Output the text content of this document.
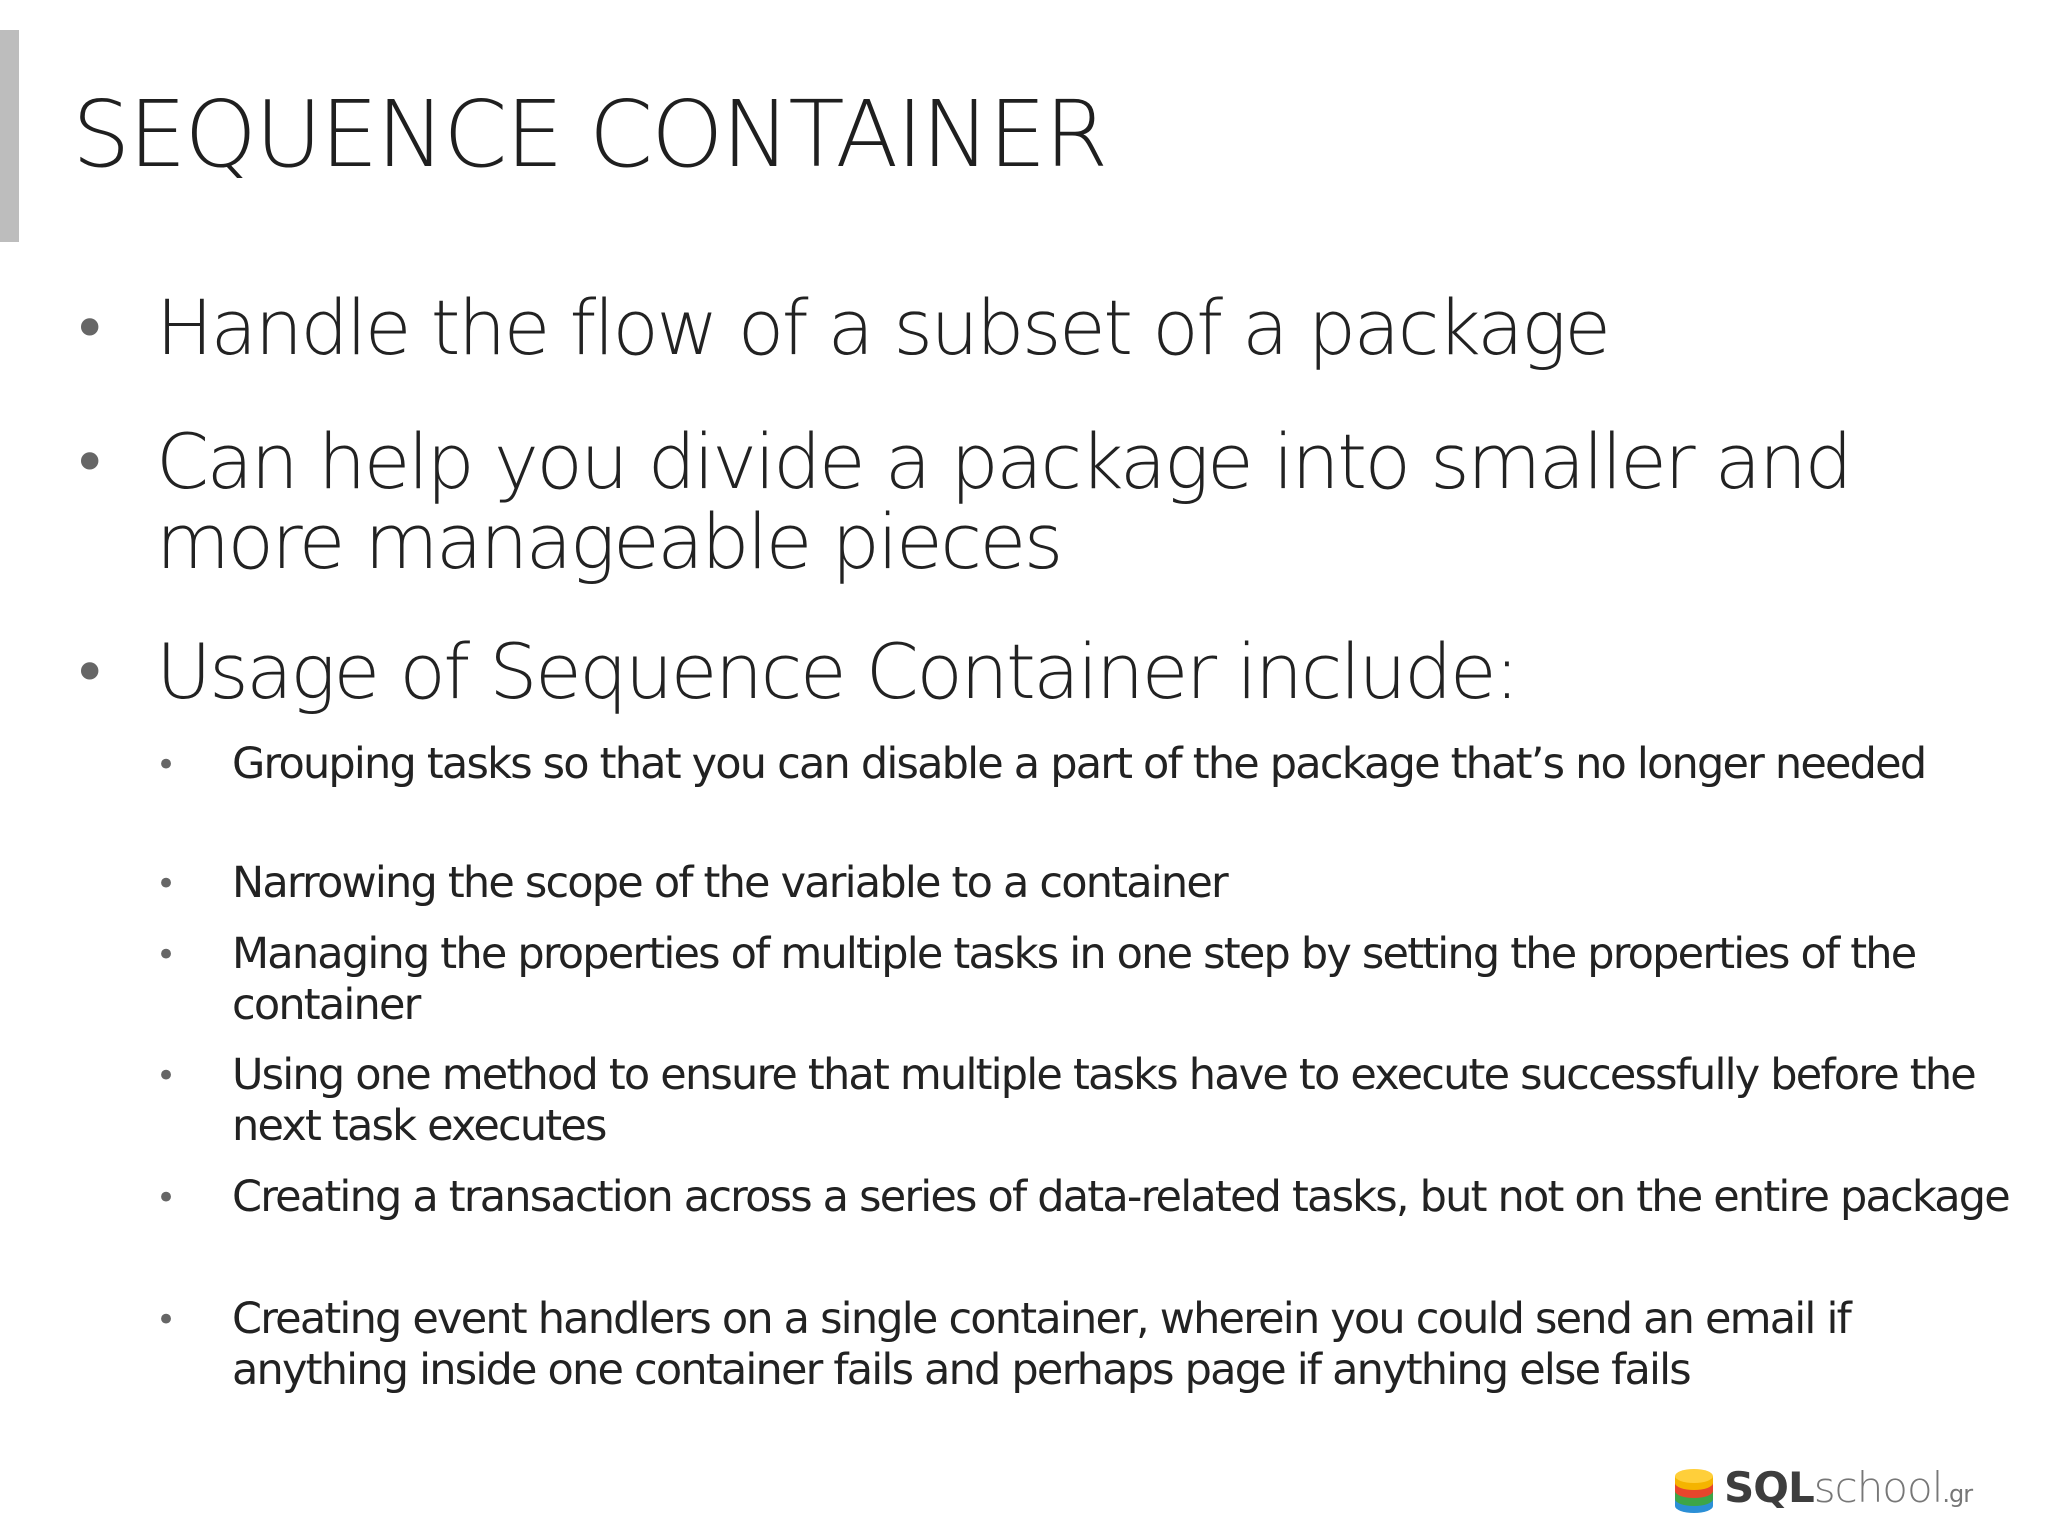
SEQUENCE CONTAINER
• Handle the flow of a subset of a package
• Can help you divide a package into smaller and more manageable pieces
• Usage of Sequence Container include:
•	Grouping tasks so that you can disable a part of the package that’s no longer needed
•	Narrowing the scope of the variable to a container
•	Managing the properties of multiple tasks in one step by setting the properties of the container
•	Using one method to ensure that multiple tasks have to execute successfully before the next task executes
•	Creating a transaction across a series of data-related tasks, but not on the entire package
•	Creating event handlers on a single container, wherein you could send an email if anything inside one container fails and perhaps page if anything else fails
SQLschool.gr
